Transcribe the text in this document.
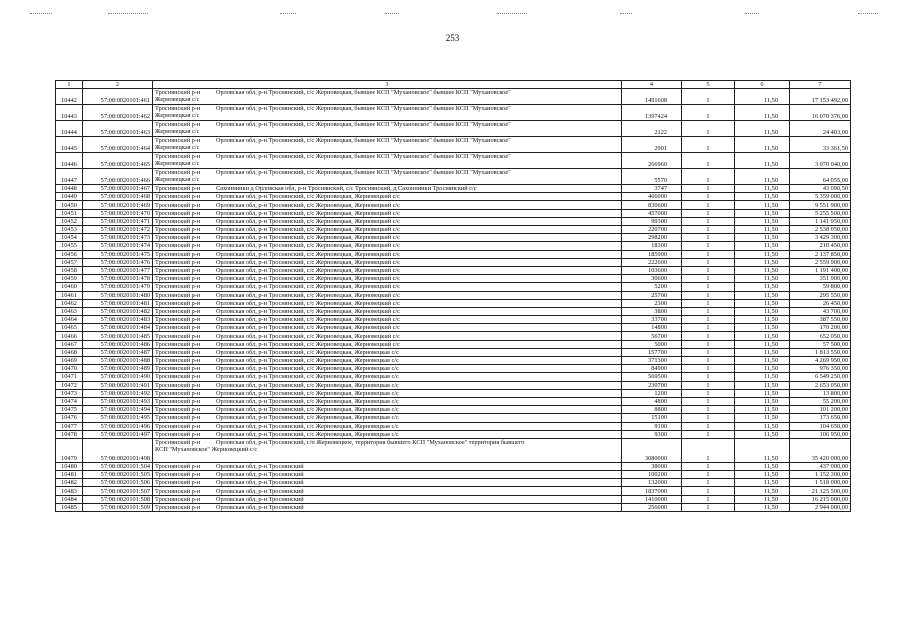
253
1	2	3	4	5	6	7
10442	57:08:0020101:461	Троснянский р-н Орловская обл, р-н Троснянский, с/с Жерновецкая, бывшее КСП "Мухановское" бывшее КСП "Мухановское"
Жерновецкая с/с	1491608	1	11,50	17 153 492,00
10443	57:08:0020101:462	Троснянский р-н Орловская обл, р-н Троснянский, с/с Жерновецкая, бывшее КСП "Мухановское" бывшее КСП "Мухановское"
Жерновецкая с/с	1397424	1	11,50	16 070 376,00
10444	57:08:0020101:463	Троснянский р-н Орловская обл, р-н Троснянский, с/с Жерновецкая, бывшее КСП "Мухановское" бывшее КСП "Мухановское"
Жерновецкая с/с	2122	1	11,50	24 403,00
10445	57:08:0020101:464	Троснянский р-н Орловская обл, р-н Троснянский, с/с Жерновецкая, бывшее КСП "Мухановское" бывшее КСП "Мухановское"
Жерновецкая с/с	2901	1	11,50	33 361,50
10446	57:08:0020101:465	Троснянский р-н Орловская обл, р-н Троснянский, с/с Жерновецкая, бывшее КСП "Мухановское" бывшее КСП "Мухановское"
Жерновецкая с/с	266960	1	11,50	3 070 040,00
10447	57:08:0020101:466	Троснянский р-н Орловская обл, р-н Троснянский, с/с Жерновецкая, бывшее КСП "Мухановское" бывшее КСП "Мухановское"
Жерновецкая с/с	5570	1	11,50	64 055,00
10448	57:08:0020101:467	Троснянский р-н Сахоннинки д Орловская обл, р-н Троснянский, с/с Троснянский, д Сахоннинки Троснянский с/с	3747	1	11,50	43 090,50
10449	57:08:0020101:468	Троснянский р-н Орловская обл, р-н Троснянский, с/с Жерновецкая, Жерновецкий с/с	466000	1	11,50	5 359 000,00
10450	57:08:0020101:469	Троснянский р-н Орловская обл, р-н Троснянский, с/с Жерновецкая, Жерновецкий с/с	830600	1	11,50	9 551 900,00
10451	57:08:0020101:470	Троснянский р-н Орловская обл, р-н Троснянский, с/с Жерновецкая, Жерновецкий с/с	457000	1	11,50	5 255 500,00
10452	57:08:0020101:471	Троснянский р-н Орловская обл, р-н Троснянский, с/с Жерновецкая, Жерновецкий с/с	99300	1	11,50	1 141 950,00
10453	57:08:0020101:472	Троснянский р-н Орловская обл, р-н Троснянский, с/с Жерновецкая, Жерновецкий с/с	220700	1	11,50	2 538 050,00
10454	57:08:0020101:473	Троснянский р-н Орловская обл, р-н Троснянский, с/с Жерновецкая, Жерновецкий с/с	298200	1	11,50	3 429 300,00
10455	57:08:0020101:474	Троснянский р-н Орловская обл, р-н Троснянский, с/с Жерновецкая, Жерновецкий с/с	18300	1	11,50	210 450,00
10456	57:08:0020101:475	Троснянский р-н Орловская обл, р-н Троснянский, с/с Жерновецкая, Жерновецкий с/с	185900	1	11,50	2 137 850,00
10457	57:08:0020101:476	Троснянский р-н Орловская обл, р-н Троснянский, с/с Жерновецкая, Жерновецкий с/с	222600	1	11,50	2 559 900,00
10458	57:08:0020101:477	Троснянский р-н Орловская обл, р-н Троснянский, с/с Жерновецкая, Жерновецкий с/с	103600	1	11,50	1 191 400,00
10459	57:08:0020101:478	Троснянский р-н Орловская обл, р-н Троснянский, с/с Жерновецкая, Жерновецкий с/с	30600	1	11,50	351 900,00
10460	57:08:0020101:479	Троснянский р-н Орловская обл, р-н Троснянский, с/с Жерновецкая, Жерновецкий с/с	5200	1	11,50	59 800,00
10461	57:08:0020101:480	Троснянский р-н Орловская обл, р-н Троснянский, с/с Жерновецкая, Жерновецкий с/с	25700	1	11,50	295 550,00
10462	57:08:0020101:481	Троснянский р-н Орловская обл, р-н Троснянский, с/с Жерновецкая, Жерновецкий с/с	2300	1	11,50	26 450,00
10463	57:08:0020101:482	Троснянский р-н Орловская обл, р-н Троснянский, с/с Жерновецкая, Жерновецкий с/с	3800	1	11,50	43 700,00
10464	57:08:0020101:483	Троснянский р-н Орловская обл, р-н Троснянский, с/с Жерновецкая, Жерновецкий с/с	33700	1	11,50	387 550,00
10465	57:08:0020101:484	Троснянский р-н Орловская обл, р-н Троснянский, с/с Жерновецкая, Жерновецкий с/с	14800	1	11,50	170 200,00
10466	57:08:0020101:485	Троснянский р-н Орловская обл, р-н Троснянский, с/с Жерновецкая, Жерновецкий с/с	56700	1	11,50	652 050,00
10467	57:08:0020101:486	Троснянский р-н Орловская обл, р-н Троснянский, с/с Жерновецкая, Жерновецкий с/с	5000	1	11,50	57 500,00
10468	57:08:0020101:487	Троснянский р-н Орловская обл, р-н Троснянский, с/с Жерновецкая, Жерновецкая с/с	157700	1	11,50	1 813 550,00
10469	57:08:0020101:488	Троснянский р-н Орловская обл, р-н Троснянский, с/с Жерновецкая, Жерновецкая с/с	371300	1	11,50	4 269 950,00
10470	57:08:0020101:489	Троснянский р-н Орловская обл, р-н Троснянский, с/с Жерновецкая, Жерновецкая с/с	84900	1	11,50	976 350,00
10471	57:08:0020101:490	Троснянский р-н Орловская обл, р-н Троснянский, с/с Жерновецкая, Жерновецкая с/с	569500	1	11,50	6 549 250,00
10472	57:08:0020101:491	Троснянский р-н Орловская обл, р-н Троснянский, с/с Жерновецкая, Жерновецкая с/с	230700	1	11,50	2 653 050,00
10473	57:08:0020101:492	Троснянский р-н Орловская обл, р-н Троснянский, с/с Жерновецкая, Жерновецкая с/с	1200	1	11,50	13 800,00
10474	57:08:0020101:493	Троснянский р-н Орловская обл, р-н Троснянский, с/с Жерновецкая, Жерновецкая с/с	4800	1	11,50	55 200,00
10475	57:08:0020101:494	Троснянский р-н Орловская обл, р-н Троснянский, с/с Жерновецкая, Жерновецкая с/с	8800	1	11,50	101 200,00
10476	57:08:0020101:495	Троснянский р-н Орловская обл, р-н Троснянский, с/с Жерновецкая, Жерновецкая с/с	15100	1	11,50	173 650,00
10477	57:08:0020101:496	Троснянский р-н Орловская обл, р-н Троснянский, с/с Жерновецкая, Жерновецкая с/с	9100	1	11,50	104 650,00
10478	57:08:0020101:497	Троснянский р-н Орловская обл, р-н Троснянский, с/с Жерновецкая, Жерновецкая с/с	9300	1	11,50	106 950,00
10479	57:08:0020101:498	Троснянский р-н Орловская обл, р-н Троснянский, с/п Жерновецкое, территория бывшего КСП "Мухановское" территория бывшего
КСП "Мухановское" Жерновецкий с/с	3080000	1	11,50	35 420 000,00
10480	57:08:0020101:504	Троснянский р-н Орловская обл, р-н Троснянский	38000	1	11,50	437 000,00
10481	57:08:0020101:505	Троснянский р-н Орловская обл, р-н Троснянский	100200	1	11,50	1 152 300,00
10482	57:08:0020101:506	Троснянский р-н Орловская обл, р-н Троснянский	132000	1	11,50	1 518 000,00
10483	57:08:0020101:507	Троснянский р-н Орловская обл, р-н Троснянский	1837000	1	11,50	21 125 500,00
10484	57:08:0020101:508	Троснянский р-н Орловская обл, р-н Троснянский	1410000	1	11,50	16 215 000,00
10485	57:08:0020101:509	Троснянский р-н Орловская обл, р-н Троснянский	256000	1	11,50	2 944 000,00
